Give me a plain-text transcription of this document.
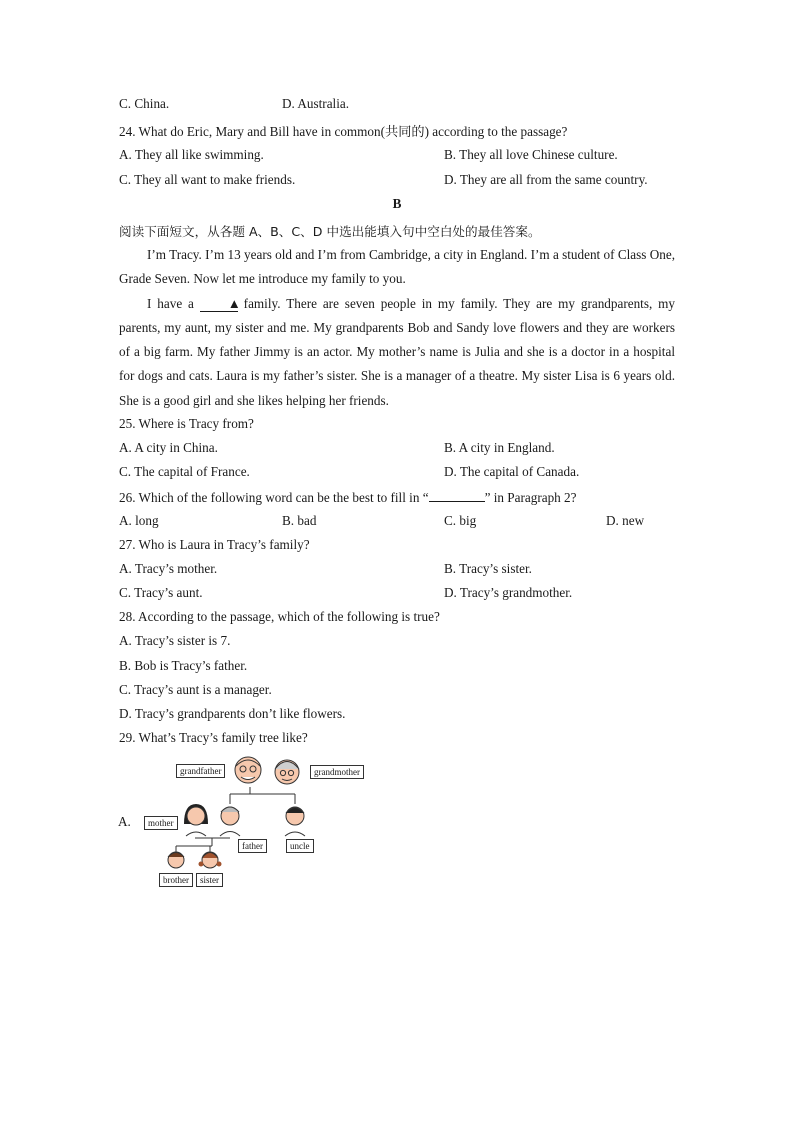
C. China.	D. Australia.
24. What do Eric, Mary and Bill have in common(共同的) according to the passage?
A. They all like swimming.	B. They all love Chinese culture.
C. They all want to make friends.	D. They are all from the same country.
B
阅读下面短文，从各题 A、B、C、D 中选出能填入句中空白处的最佳答案。

I’m Tracy. I’m 13 years old and I’m from Cambridge, a city in England. I’m a student of Class One, Grade Seven. Now let me introduce my family to you.

I have a ▲ family. There are seven people in my family. They are my grandparents, my parents, my aunt, my sister and me. My grandparents Bob and Sandy love flowers and they are workers of a big farm. My father Jimmy is an actor. My mother’s name is Julia and she is a doctor in a hospital for dogs and cats. Laura is my father’s sister. She is a manager of a theatre. My sister Lisa is 6 years old. She is a good girl and she likes helping her friends.

25. Where is Tracy from?
A. A city in China.	B. A city in England.
C. The capital of France.	D. The capital of Canada.
26. Which of the following word can be the best to fill in “	” in Paragraph 2?
A. long	B. bad	C. big	D. new
27. Who is Laura in Tracy’s family?
A. Tracy’s mother.	B. Tracy’s sister.
C. Tracy’s aunt.	D. Tracy’s grandmother.
28. According to the passage, which of the following is true?
A. Tracy’s sister is 7.
B. Bob is Tracy’s father.
C. Tracy’s aunt is a manager.
D. Tracy’s grandparents don’t like flowers.
29. What’s Tracy’s family tree like?
A.
grandfather	grandmother
mother
father	uncle
brother	sister
